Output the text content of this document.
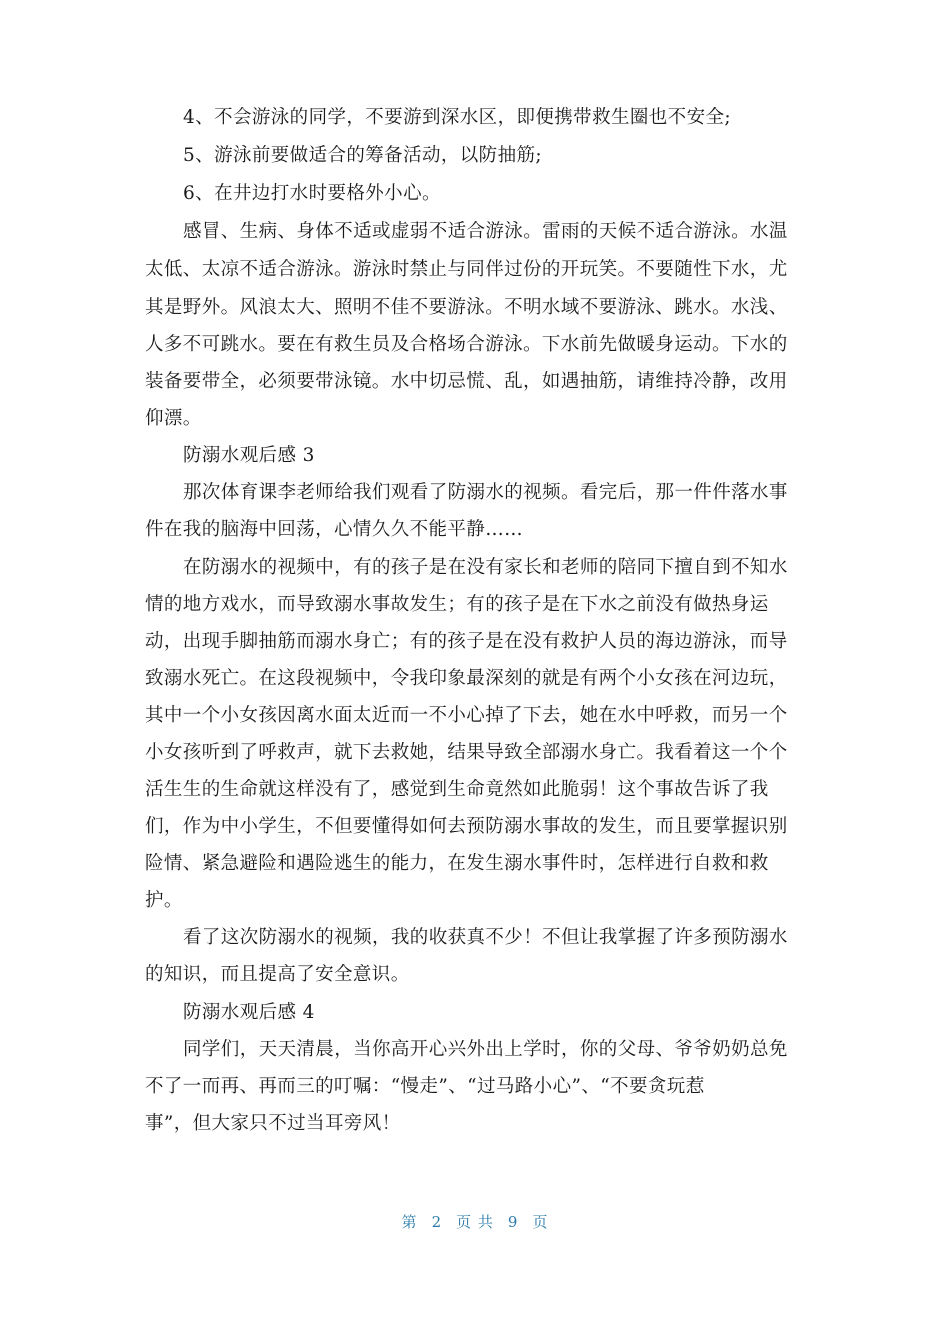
4、不会游泳的同学，不要游到深水区，即便携带救生圈也不安全;

5、游泳前要做适合的筹备活动，以防抽筋;

6、在井边打水时要格外小心。

感冒、生病、身体不适或虚弱不适合游泳。雷雨的天候不适合游泳。水温

太低、太凉不适合游泳。游泳时禁止与同伴过份的开玩笑。不要随性下水，尤

其是野外。风浪太大、照明不佳不要游泳。不明水域不要游泳、跳水。水浅、

人多不可跳水。要在有救生员及合格场合游泳。下水前先做暖身运动。下水的

装备要带全，必须要带泳镜。水中切忌慌、乱，如遇抽筋，请维持冷静，改用

仰漂。

防溺水观后感 3

那次体育课李老师给我们观看了防溺水的视频。看完后，那一件件落水事

件在我的脑海中回荡，心情久久不能平静……

在防溺水的视频中，有的孩子是在没有家长和老师的陪同下擅自到不知水

情的地方戏水，而导致溺水事故发生；有的孩子是在下水之前没有做热身运

动，出现手脚抽筋而溺水身亡；有的孩子是在没有救护人员的海边游泳，而导

致溺水死亡。在这段视频中，令我印象最深刻的就是有两个小女孩在河边玩，

其中一个小女孩因离水面太近而一不小心掉了下去，她在水中呼救，而另一个

小女孩听到了呼救声，就下去救她，结果导致全部溺水身亡。我看着这一个个

活生生的生命就这样没有了，感觉到生命竟然如此脆弱！这个事故告诉了我

们，作为中小学生，不但要懂得如何去预防溺水事故的发生，而且要掌握识别

险情、紧急避险和遇险逃生的能力，在发生溺水事件时，怎样进行自救和救

护。

看了这次防溺水的视频，我的收获真不少！不但让我掌握了许多预防溺水

的知识，而且提高了安全意识。

防溺水观后感 4

同学们，天天清晨，当你高开心兴外出上学时，你的父母、爷爷奶奶总免

不了一而再、再而三的叮嘱：“慢走”、“过马路小心”、“不要贪玩惹

事”，但大家只不过当耳旁风！

第 2 页 共 9 页
